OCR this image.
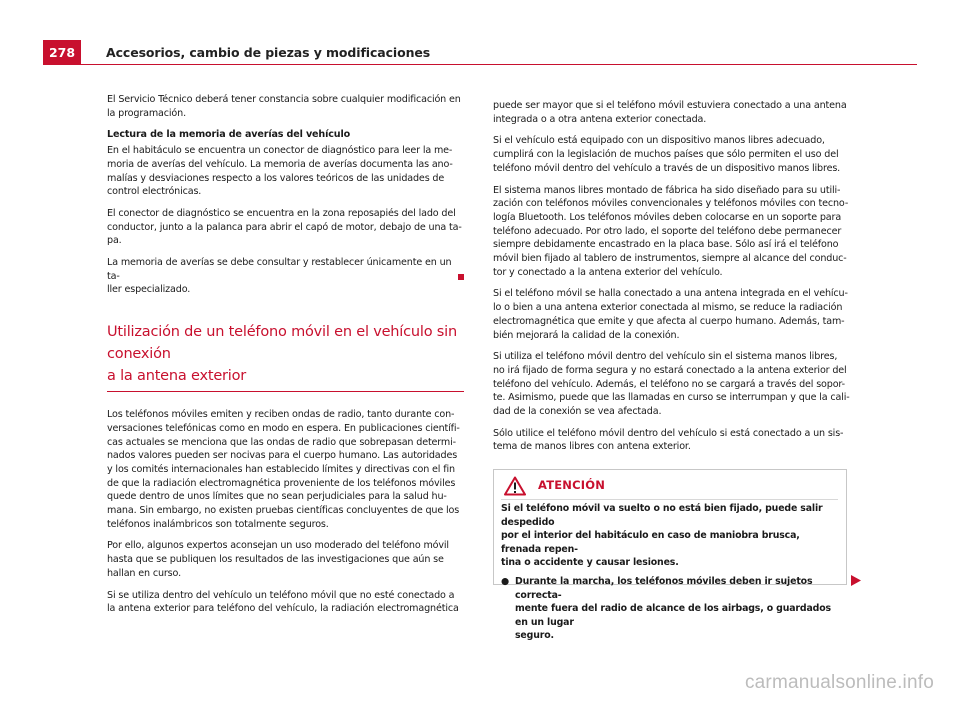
278	Accesorios, cambio de piezas y modificaciones

El Servicio Técnico deberá tener constancia sobre cualquier modificación en
la programación.

Lectura de la memoria de averías del vehículo

En el habitáculo se encuentra un conector de diagnóstico para leer la me-
moria de averías del vehículo. La memoria de averías documenta las ano-
malías y desviaciones respecto a los valores teóricos de las unidades de
control electrónicas.

El conector de diagnóstico se encuentra en la zona reposapiés del lado del
conductor, junto a la palanca para abrir el capó de motor, debajo de una ta-
pa.

La memoria de averías se debe consultar y restablecer únicamente en un ta-
ller especializado.

Utilización de un teléfono móvil en el vehículo sin conexión
a la antena exterior

Los teléfonos móviles emiten y reciben ondas de radio, tanto durante con-
versaciones telefónicas como en modo en espera. En publicaciones científi-
cas actuales se menciona que las ondas de radio que sobrepasan determi-
nados valores pueden ser nocivas para el cuerpo humano. Las autoridades
y los comités internacionales han establecido límites y directivas con el fin
de que la radiación electromagnética proveniente de los teléfonos móviles
quede dentro de unos límites que no sean perjudiciales para la salud hu-
mana. Sin embargo, no existen pruebas científicas concluyentes de que los
teléfonos inalámbricos son totalmente seguros.

Por ello, algunos expertos aconsejan un uso moderado del teléfono móvil
hasta que se publiquen los resultados de las investigaciones que aún se
hallan en curso.

Si se utiliza dentro del vehículo un teléfono móvil que no esté conectado a
la antena exterior para teléfono del vehículo, la radiación electromagnética

puede ser mayor que si el teléfono móvil estuviera conectado a una antena
integrada o a otra antena exterior conectada.

Si el vehículo está equipado con un dispositivo manos libres adecuado,
cumplirá con la legislación de muchos países que sólo permiten el uso del
teléfono móvil dentro del vehículo a través de un dispositivo manos libres.

El sistema manos libres montado de fábrica ha sido diseñado para su utili-
zación con teléfonos móviles convencionales y teléfonos móviles con tecno-
logía Bluetooth. Los teléfonos móviles deben colocarse en un soporte para
teléfono adecuado. Por otro lado, el soporte del teléfono debe permanecer
siempre debidamente encastrado en la placa base. Sólo así irá el teléfono
móvil bien fijado al tablero de instrumentos, siempre al alcance del conduc-
tor y conectado a la antena exterior del vehículo.

Si el teléfono móvil se halla conectado a una antena integrada en el vehícu-
lo o bien a una antena exterior conectada al mismo, se reduce la radiación
electromagnética que emite y que afecta al cuerpo humano. Además, tam-
bién mejorará la calidad de la conexión.

Si utiliza el teléfono móvil dentro del vehículo sin el sistema manos libres,
no irá fijado de forma segura y no estará conectado a la antena exterior del
teléfono del vehículo. Además, el teléfono no se cargará a través del sopor-
te. Asimismo, puede que las llamadas en curso se interrumpan y que la cali-
dad de la conexión se vea afectada.

Sólo utilice el teléfono móvil dentro del vehículo si está conectado a un sis-
tema de manos libres con antena exterior.

ATENCIÓN

Si el teléfono móvil va suelto o no está bien fijado, puede salir despedido
por el interior del habitáculo en caso de maniobra brusca, frenada repen-
tina o accidente y causar lesiones.

● Durante la marcha, los teléfonos móviles deben ir sujetos correcta-
mente fuera del radio de alcance de los airbags, o guardados en un lugar
seguro.

carmanualsonline.info
